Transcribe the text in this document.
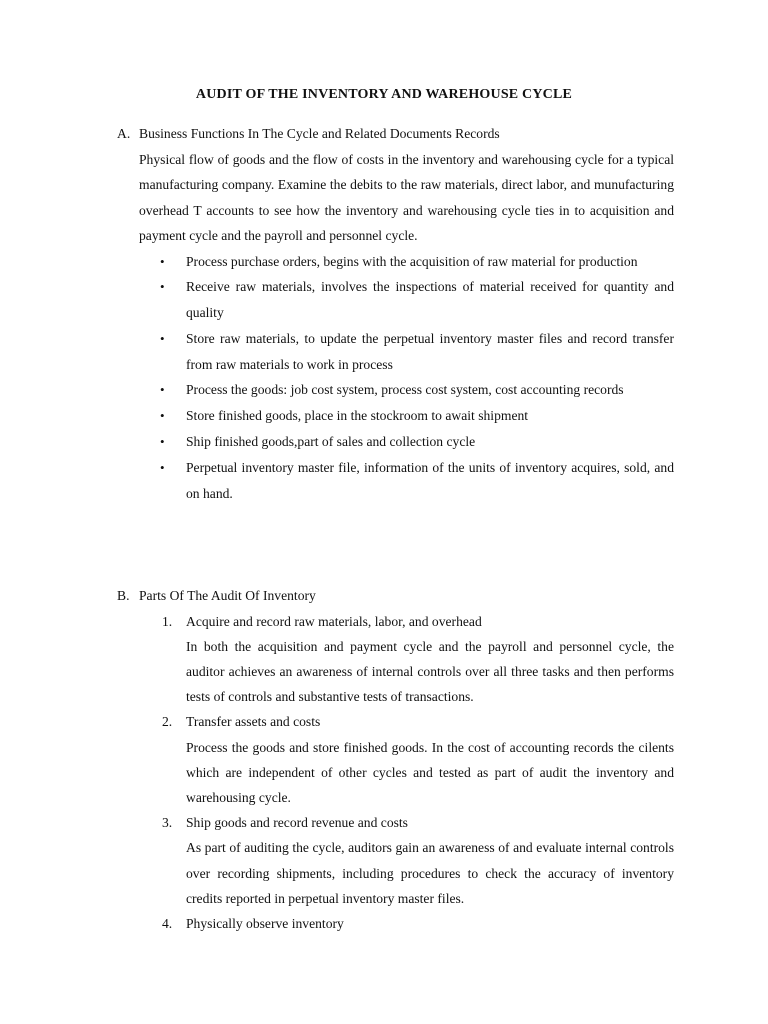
AUDIT OF THE INVENTORY AND WAREHOUSE CYCLE
A. Business Functions In The Cycle and Related Documents Records
Physical flow of goods and the flow of costs in the inventory and warehousing cycle for a typical manufacturing company. Examine the debits to the raw materials, direct labor, and munufacturing overhead T accounts to see how the inventory and warehousing cycle ties in to acquisition and payment cycle and the payroll and personnel cycle.
•	Process purchase orders, begins with the acquisition of raw material for production
•	Receive raw materials, involves the inspections of material received for quantity and quality
•	Store raw materials, to update the perpetual inventory master files and record transfer from raw materials to work in process
•	Process the goods: job cost system, process cost system, cost accounting records
•	Store finished goods, place in the stockroom to await shipment
•	Ship finished goods,part of sales and collection cycle
•	Perpetual inventory master file, information of the units of inventory acquires, sold, and on hand.
B. Parts Of The Audit Of Inventory
1.	Acquire and record raw materials, labor, and overhead
In both the acquisition and payment cycle and the payroll and personnel cycle, the auditor achieves an awareness of internal controls over all three tasks and then performs tests of controls and substantive tests of transactions.
2.	Transfer assets and costs
Process the goods and store finished goods. In the cost of accounting records the cilents which are independent of other cycles and tested as part of audit the inventory and warehousing cycle.
3.	Ship goods and record revenue and costs
As part of auditing the cycle, auditors gain an awareness of and evaluate internal controls over recording shipments, including procedures to check the accuracy of inventory credits reported in perpetual inventory master files.
4.	Physically observe inventory
